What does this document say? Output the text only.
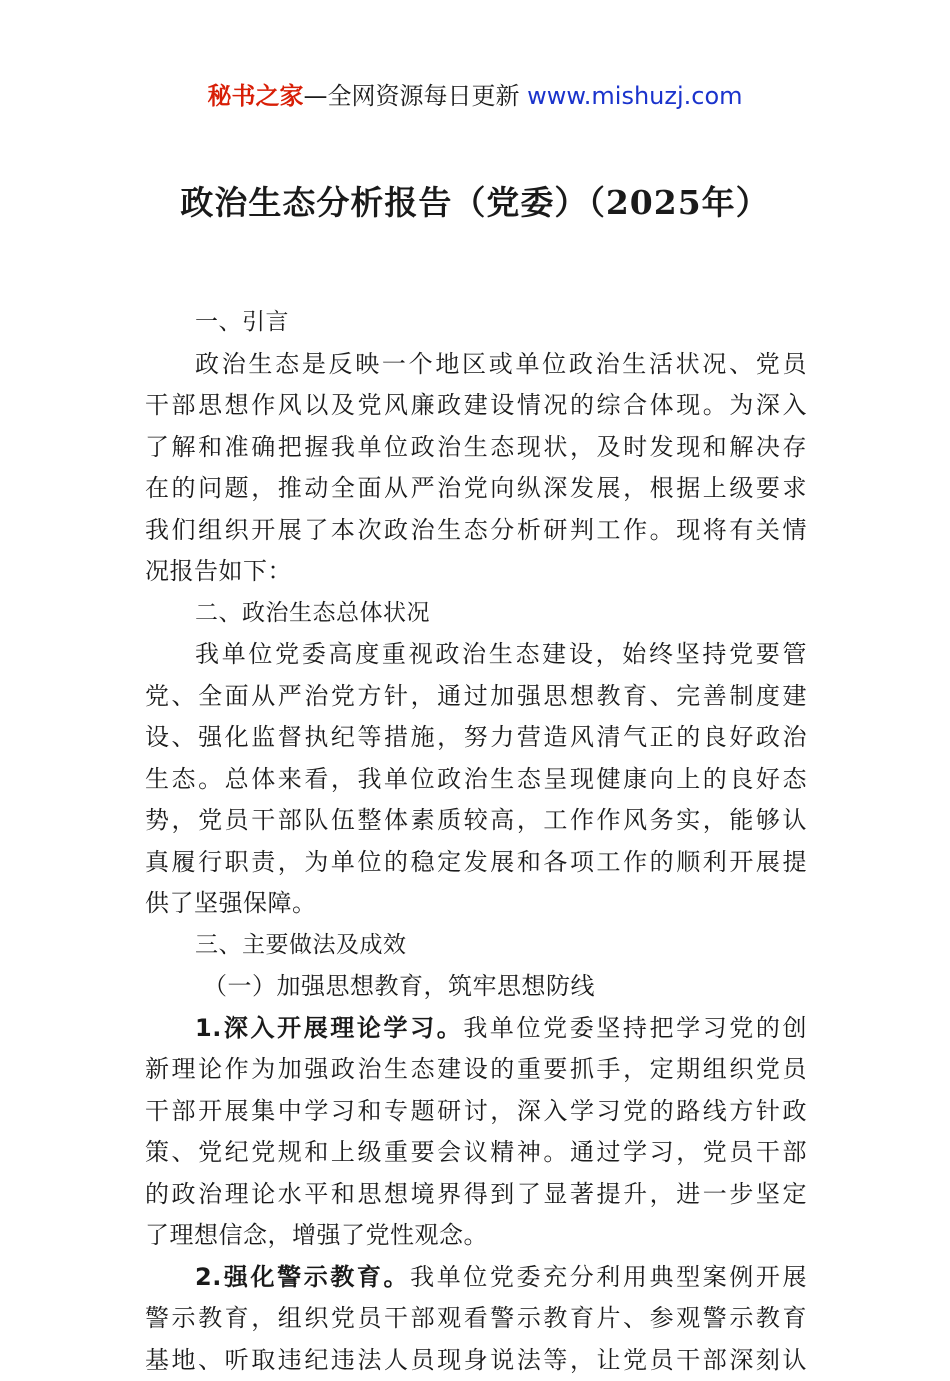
秘书之家—全网资源每日更新 www.mishuzj.com
政治生态分析报告（党委）（2025年）
一、引言
政治生态是反映一个地区或单位政治生活状况、党员
干部思想作风以及党风廉政建设情况的综合体现。为深入
了解和准确把握我单位政治生态现状，及时发现和解决存
在的问题，推动全面从严治党向纵深发展，根据上级要求
我们组织开展了本次政治生态分析研判工作。现将有关情
况报告如下：
二、政治生态总体状况
我单位党委高度重视政治生态建设，始终坚持党要管
党、全面从严治党方针，通过加强思想教育、完善制度建
设、强化监督执纪等措施，努力营造风清气正的良好政治
生态。总体来看，我单位政治生态呈现健康向上的良好态
势，党员干部队伍整体素质较高，工作作风务实，能够认
真履行职责，为单位的稳定发展和各项工作的顺利开展提
供了坚强保障。
三、主要做法及成效
（一）加强思想教育，筑牢思想防线
1.深入开展理论学习。我单位党委坚持把学习党的创
新理论作为加强政治生态建设的重要抓手，定期组织党员
干部开展集中学习和专题研讨，深入学习党的路线方针政
策、党纪党规和上级重要会议精神。通过学习，党员干部
的政治理论水平和思想境界得到了显著提升，进一步坚定
了理想信念，增强了党性观念。
2.强化警示教育。我单位党委充分利用典型案例开展
警示教育，组织党员干部观看警示教育片、参观警示教育
基地、听取违纪违法人员现身说法等，让党员干部深刻认
